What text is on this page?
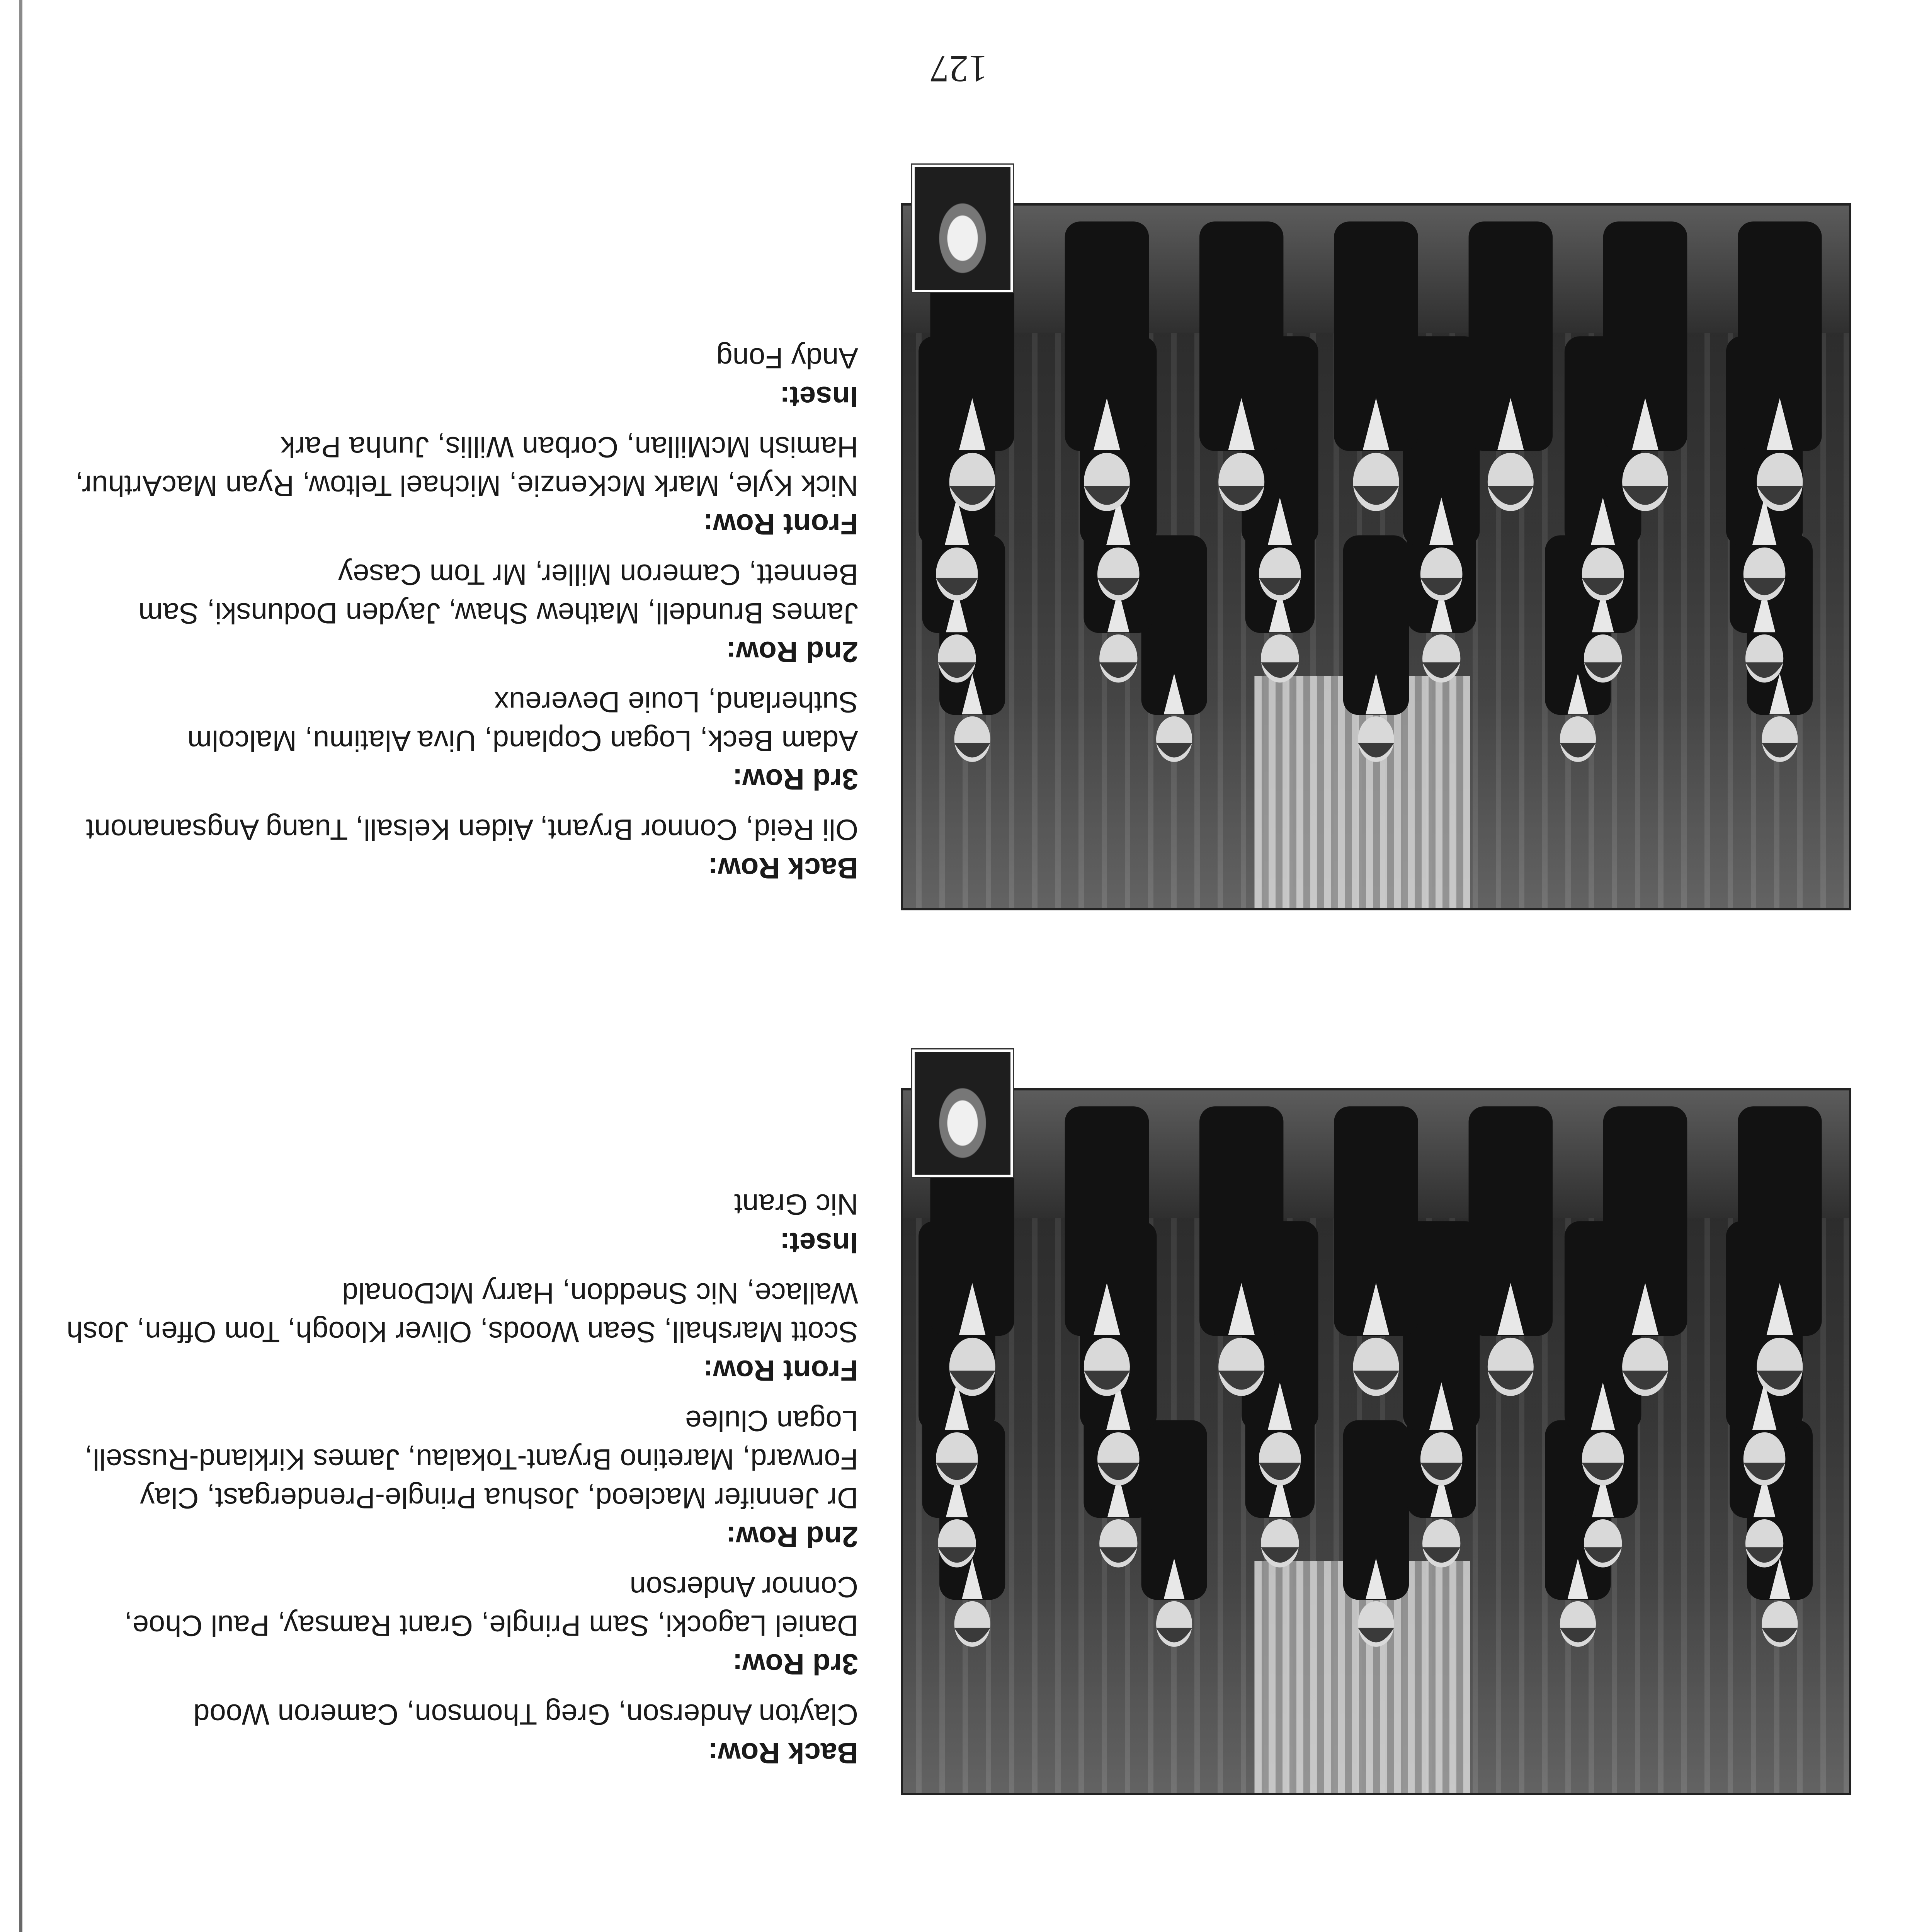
127
Back Row:
Clayton Anderson, Greg Thomson, Cameron Wood
3rd Row:
Daniel Lagocki, Sam Pringle, Grant Ramsay, Paul Choe, Connor Anderson
2nd Row:
Dr Jennifer Macleod, Joshua Pringle-Prendergast, Clay Forward, Maretino Bryant-Tokalau, James Kirkland-Russell, Logan Clulee
Front Row:
Scott Marshall, Sean Woods, Oliver Kloogh, Tom Offen, Josh Wallace, Nic Sneddon, Harry McDonald
Inset:
Nic Grant
Back Row:
Oli Reid, Connor Bryant, Aiden Kelsall, Tuang Angsananont
3rd Row:
Adam Beck, Logan Copland, Uiva Alatimu, Malcolm Sutherland, Louie Deverеux
2nd Row:
James Brundell, Mathew Shaw, Jayden Dodunski, Sam Bennett, Cameron Miller, Mr Tom Casey
Front Row:
Nick Kyle, Mark McKenzie, Michael Teltow, Ryan MacArthur, Hamish McMillan, Corban Willis, Junha Park
Inset:
Andy Fong
